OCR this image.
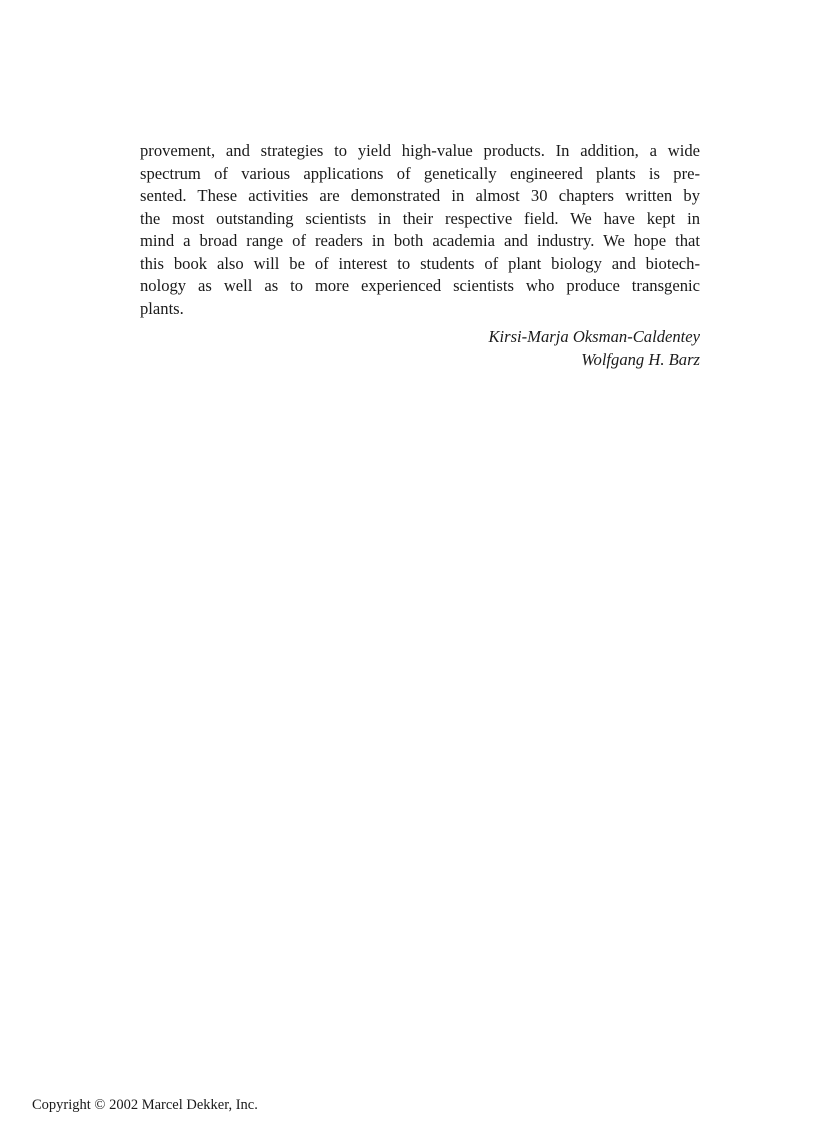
provement, and strategies to yield high-value products. In addition, a wide
spectrum of various applications of genetically engineered plants is pre-
sented. These activities are demonstrated in almost 30 chapters written by
the most outstanding scientists in their respective field. We have kept in
mind a broad range of readers in both academia and industry. We hope that
this book also will be of interest to students of plant biology and biotech-
nology as well as to more experienced scientists who produce transgenic
plants.
Kirsi-Marja Oksman-Caldentey
Wolfgang H. Barz
Copyright © 2002 Marcel Dekker, Inc.
